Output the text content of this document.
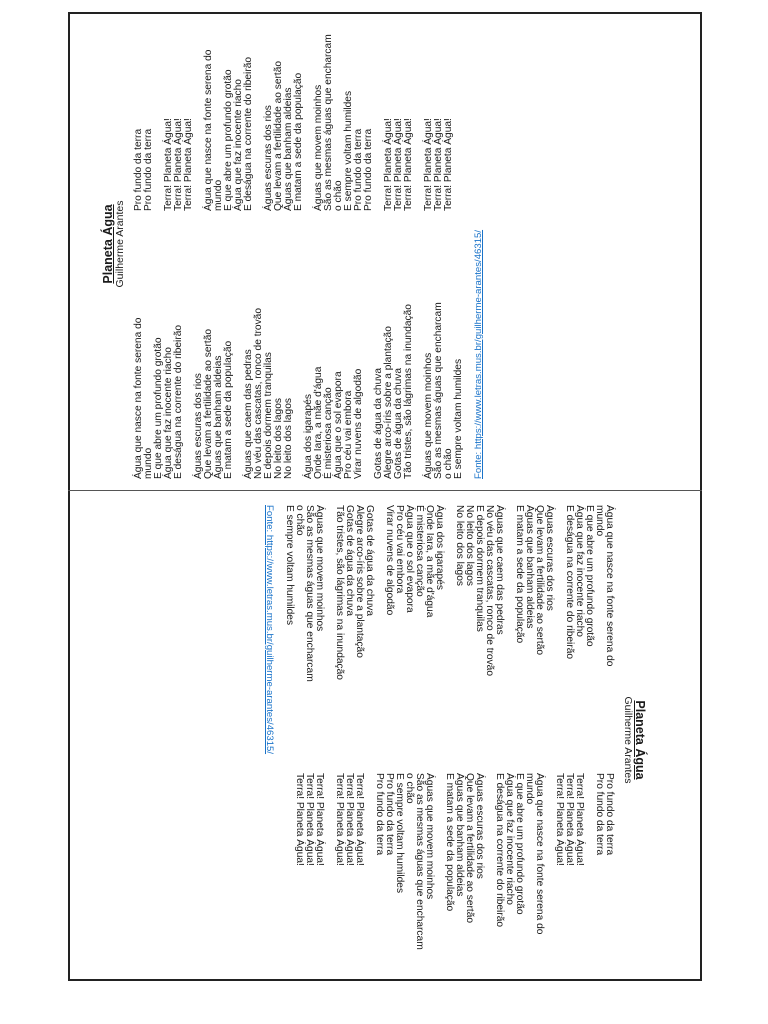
Planeta Água Guilherme Arantes

Água que nasce na fonte serena do mundo E que abre um profundo grotão Água que faz inocente riacho E deságua na corrente do ribeirão Águas escuras dos rios Que levam a fertilidade ao sertão Águas que banham aldeias E matam a sede da população Águas que caem das pedras No véu das cascatas, ronco de trovão E depois dormem tranquilas No leito dos lagos No leito dos lagos Água dos igarapés Onde Iara, a mãe d'água É misteriosa canção Água que o sol evapora Pro céu vai embora Virar nuvens de algodão Gotas de água da chuva Alegre arco-íris sobre a plantação Gotas de água da chuva Tão tristes, são lágrimas na inundação Águas que movem moinhos São as mesmas águas que encharcam o chão E sempre voltam humildes Fonte: https://www.letras.mus.br/guilherme-arantes/46315/
Pro fundo da terra Pro fundo da terra Terra! Planeta Água! Terra! Planeta Água! Terra! Planeta Água! Água que nasce na fonte serena do mundo E que abre um profundo grotão Água que faz inocente riacho E deságua na corrente do ribeirão Águas escuras dos rios Que levam a fertilidade ao sertão Águas que banham aldeias E matam a sede da população Águas que movem moinhos São as mesmas águas que encharcam o chão E sempre voltam humildes Pro fundo da terra Pro fundo da terra Terra! Planeta Água! Terra! Planeta Água! Terra! Planeta Água! Terra! Planeta Água! Terra! Planeta Água! Terra! Planeta Água!

Planeta Água

Guilherme Arantes

Água que nasce na fonte serena do
mundo
E que abre um profundo grotão
Água que faz inocente riacho
E deságua na corrente do ribeirão
Águas escuras dos rios
Que levam a fertilidade ao sertão
Águas que banham aldeias
E matam a sede da população
Águas que caem das pedras
No véu das cascatas, ronco de trovão
E depois dormem tranquilas
No leito dos lagos
No leito dos lagos
Água dos igarapés
Onde Iara, a mãe d'água
É misteriosa canção
Água que o sol evapora
Pro céu vai embora
Virar nuvens de algodão
Gotas de água da chuva
Alegre arco-íris sobre a plantação
Gotas de água da chuva
Tão tristes, são lágrimas na inundação
Águas que movem moinhos
São as mesmas águas que encharcam
o chão
E sempre voltam humildes
Fonte: https://www.letras.mus.br/guilherme-arantes/46315/
Pro fundo da terra
Pro fundo da terra
Terra! Planeta Água!
Terra! Planeta Água!
Terra! Planeta Água!
Água que nasce na fonte serena do
mundo
E que abre um profundo grotão
Água que faz inocente riacho
E deságua na corrente do ribeirão
Águas escuras dos rios
Que levam a fertilidade ao sertão
Águas que banham aldeias
E matam a sede da população
Águas que movem moinhos
São as mesmas águas que encharcam
o chão
E sempre voltam humildes
Pro fundo da terra
Pro fundo da terra
Terra! Planeta Água!
Terra! Planeta Água!
Terra! Planeta Água!
Terra! Planeta Água!
Terra! Planeta Água!
Terra! Planeta Água!
